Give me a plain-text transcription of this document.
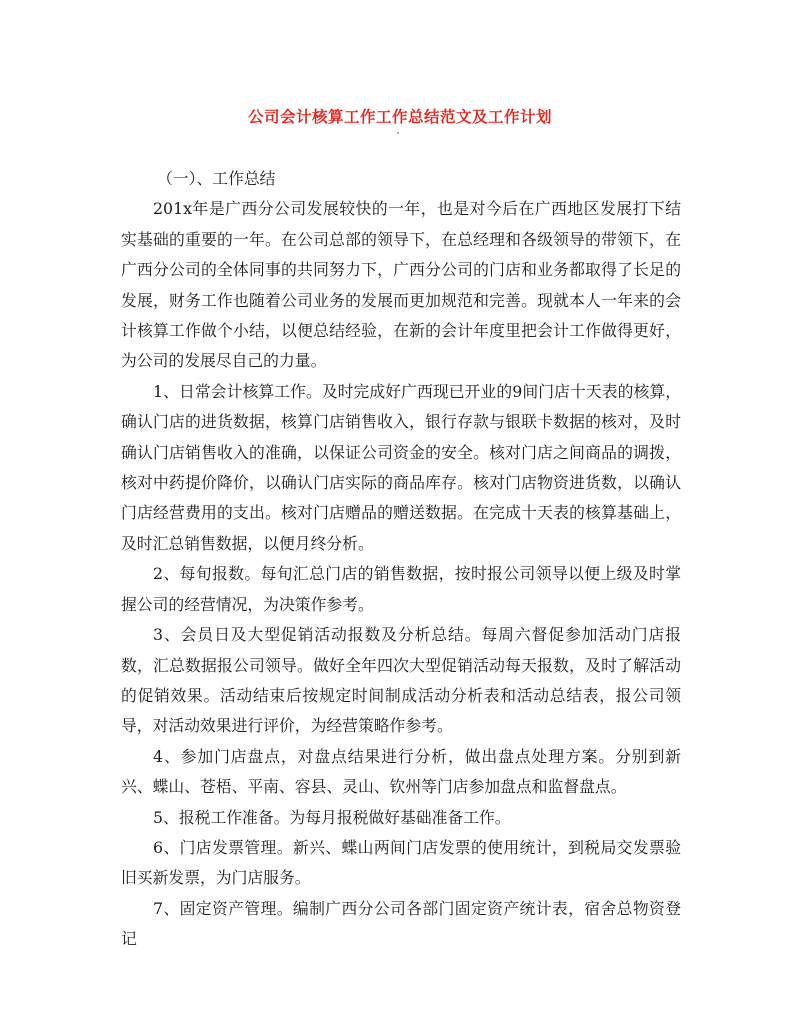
公司会计核算工作工作总结范文及工作计划

（一）、工作总结

201x年是广西分公司发展较快的一年，也是对今后在广西地区发展打下结实基础的重要的一年。在公司总部的领导下，在总经理和各级领导的带领下，在广西分公司的全体同事的共同努力下，广西分公司的门店和业务都取得了长足的发展，财务工作也随着公司业务的发展而更加规范和完善。现就本人一年来的会计核算工作做个小结，以便总结经验，在新的会计年度里把会计工作做得更好，为公司的发展尽自己的力量。

1、日常会计核算工作。及时完成好广西现已开业的9间门店十天表的核算，确认门店的进货数据，核算门店销售收入，银行存款与银联卡数据的核对，及时确认门店销售收入的准确，以保证公司资金的安全。核对门店之间商品的调拨，核对中药提价降价，以确认门店实际的商品库存。核对门店物资进货数，以确认门店经营费用的支出。核对门店赠品的赠送数据。在完成十天表的核算基础上，及时汇总销售数据，以便月终分析。

2、每旬报数。每旬汇总门店的销售数据，按时报公司领导以便上级及时掌握公司的经营情况，为决策作参考。

3、会员日及大型促销活动报数及分析总结。每周六督促参加活动门店报数，汇总数据报公司领导。做好全年四次大型促销活动每天报数，及时了解活动的促销效果。活动结束后按规定时间制成活动分析表和活动总结表，报公司领导，对活动效果进行评价，为经营策略作参考。

4、参加门店盘点，对盘点结果进行分析，做出盘点处理方案。分别到新兴、蝶山、苍梧、平南、容县、灵山、钦州等门店参加盘点和监督盘点。

5、报税工作准备。为每月报税做好基础准备工作。

6、门店发票管理。新兴、蝶山两间门店发票的使用统计，到税局交发票验旧买新发票，为门店服务。

7、固定资产管理。编制广西分公司各部门固定资产统计表，宿舍总物资登记
